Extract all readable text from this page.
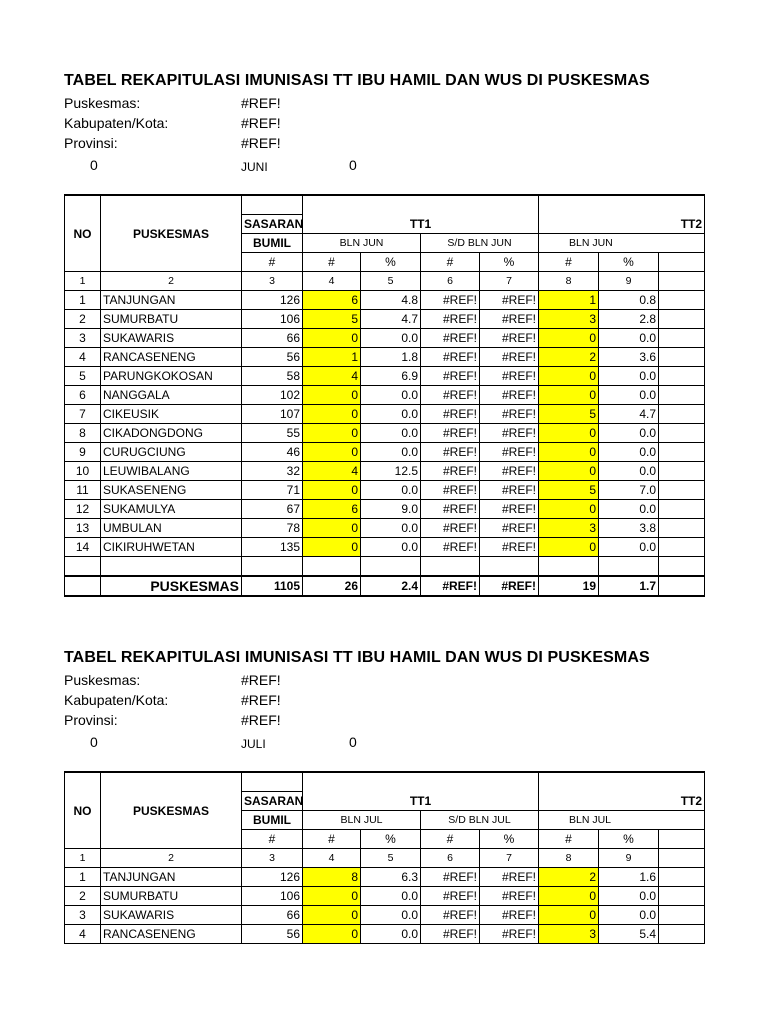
TABEL REKAPITULASI IMUNISASI TT IBU HAMIL DAN WUS DI PUSKESMAS
Puskesmas:	#REF!
Kabupaten/Kota:	#REF!
Provinsi:	#REF!
0	JUNI	0
NO	PUSKESMAS								
		SASARAN	TT1				TT2		
		BUMIL	BLN JUN		S/D BLN JUN		BLN JUN		
		#	#	%	#	%	#	%	
1	2	3	4	5	6	7	8	9	
1	TANJUNGAN	126	6	4.8	#REF!	#REF!	1	0.8	
2	SUMURBATU	106	5	4.7	#REF!	#REF!	3	2.8	
3	SUKAWARIS	66	0	0.0	#REF!	#REF!	0	0.0	
4	RANCASENENG	56	1	1.8	#REF!	#REF!	2	3.6	
5	PARUNGKOKOSAN	58	4	6.9	#REF!	#REF!	0	0.0	
6	NANGGALA	102	0	0.0	#REF!	#REF!	0	0.0	
7	CIKEUSIK	107	0	0.0	#REF!	#REF!	5	4.7	
8	CIKADONGDONG	55	0	0.0	#REF!	#REF!	0	0.0	
9	CURUGCIUNG	46	0	0.0	#REF!	#REF!	0	0.0	
10	LEUWIBALANG	32	4	12.5	#REF!	#REF!	0	0.0	
11	SUKASENENG	71	0	0.0	#REF!	#REF!	5	7.0	
12	SUKAMULYA	67	6	9.0	#REF!	#REF!	0	0.0	
13	UMBULAN	78	0	0.0	#REF!	#REF!	3	3.8	
14	CIKIRUHWETAN	135	0	0.0	#REF!	#REF!	0	0.0	

	PUSKESMAS	1105	26	2.4	#REF!	#REF!	19	1.7	
TABEL REKAPITULASI IMUNISASI TT IBU HAMIL DAN WUS DI PUSKESMAS
Puskesmas:	#REF!
Kabupaten/Kota:	#REF!
Provinsi:	#REF!
0	JULI	0
NO	PUSKESMAS								
		SASARAN	TT1				TT2		
		BUMIL	BLN JUL		S/D BLN JUL		BLN JUL		
		#	#	%	#	%	#	%	
1	2	3	4	5	6	7	8	9	
1	TANJUNGAN	126	8	6.3	#REF!	#REF!	2	1.6	
2	SUMURBATU	106	0	0.0	#REF!	#REF!	0	0.0	
3	SUKAWARIS	66	0	0.0	#REF!	#REF!	0	0.0	
4	RANCASENENG	56	0	0.0	#REF!	#REF!	3	5.4	
